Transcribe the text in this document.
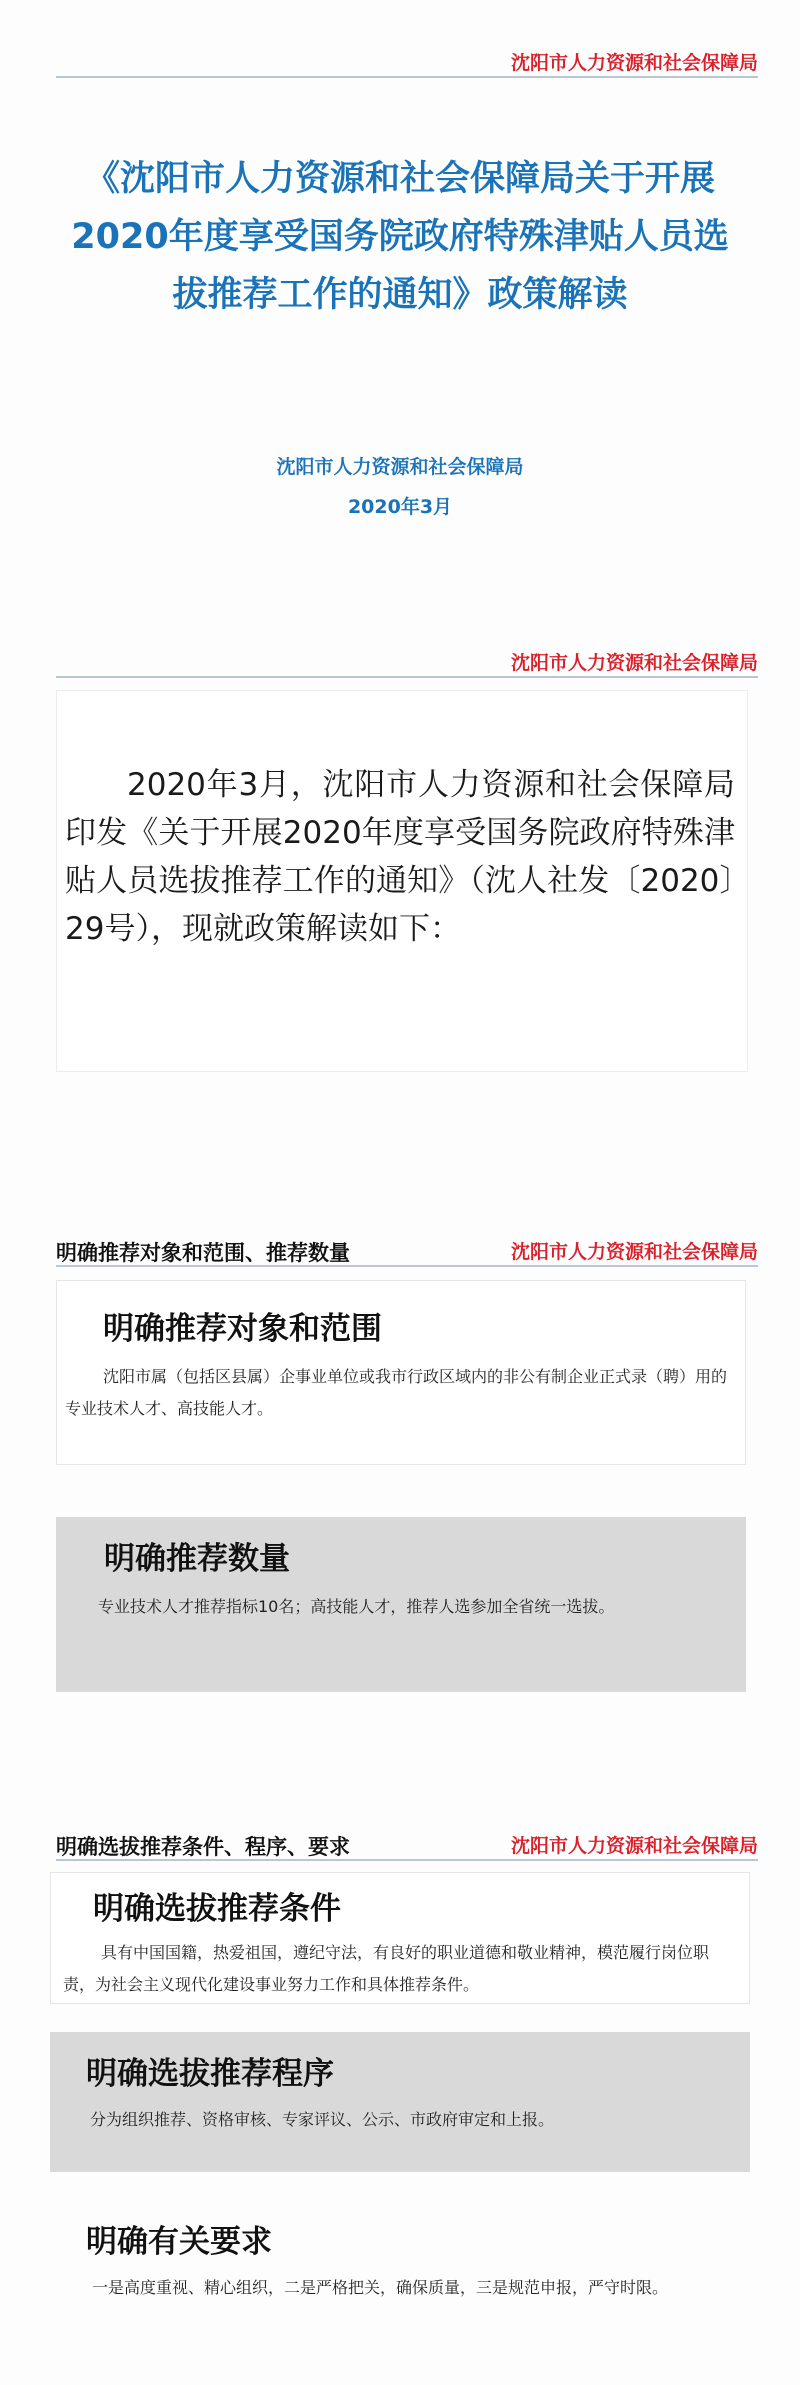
沈阳市人力资源和社会保障局
《沈阳市人力资源和社会保障局关于开展
2020年度享受国务院政府特殊津贴人员选
拔推荐工作的通知》政策解读
沈阳市人力资源和社会保障局
2020年3月
沈阳市人力资源和社会保障局
2020年3月，沈阳市人力资源和社会保障局印发《关于开展2020年度享受国务院政府特殊津贴人员选拔推荐工作的通知》（沈人社发〔2020〕29号），现就政策解读如下：
明确推荐对象和范围、推荐数量	沈阳市人力资源和社会保障局
明确推荐对象和范围
沈阳市属（包括区县属）企事业单位或我市行政区域内的非公有制企业正式录（聘）用的专业技术人才、高技能人才。
明确推荐数量
专业技术人才推荐指标10名；高技能人才，推荐人选参加全省统一选拔。
明确选拔推荐条件、程序、要求	沈阳市人力资源和社会保障局
明确选拔推荐条件
具有中国国籍，热爱祖国，遵纪守法，有良好的职业道德和敬业精神，模范履行岗位职责，为社会主义现代化建设事业努力工作和具体推荐条件。
明确选拔推荐程序
分为组织推荐、资格审核、专家评议、公示、市政府审定和上报。
明确有关要求
一是高度重视、精心组织，二是严格把关，确保质量，三是规范申报，严守时限。
